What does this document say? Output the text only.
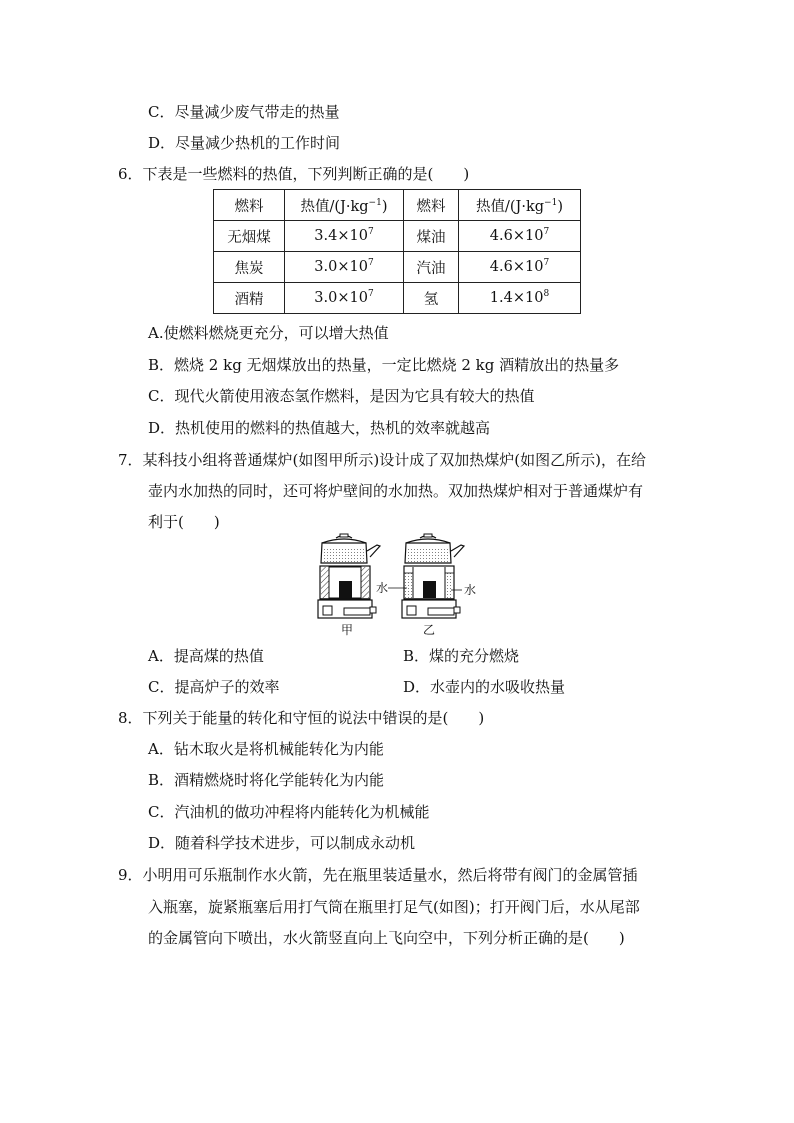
C．尽量减少废气带走的热量
D．尽量减少热机的工作时间
6．下表是一些燃料的热值，下列判断正确的是(　　)
燃料	热值$/(J\cdot kg^{-1})$	燃料	热值$/(J\cdot kg^{-1})$
无烟煤	$3.4\times 10^7$	煤油	$4.6\times 10^7$
焦炭	$3.0\times 10^7$	汽油	$4.6\times 10^7$
酒精	$3.0\times 10^7$	氢	$1.4\times 10^8$
A.使燃料燃烧更充分，可以增大热值
B．燃烧 2 kg 无烟煤放出的热量，一定比燃烧 2 kg 酒精放出的热量多
C．现代火箭使用液态氢作燃料，是因为它具有较大的热值
D．热机使用的燃料的热值越大，热机的效率就越高
7．某科技小组将普通煤炉(如图甲所示)设计成了双加热煤炉(如图乙所示)，在给
壶内水加热的同时，还可将炉壁间的水加热。双加热煤炉相对于普通煤炉有
利于(　　)
甲	乙
水	水
A．提高煤的热值	B．煤的充分燃烧
C．提高炉子的效率	D．水壶内的水吸收热量
8．下列关于能量的转化和守恒的说法中错误的是(　　)
A．钻木取火是将机械能转化为内能
B．酒精燃烧时将化学能转化为内能
C．汽油机的做功冲程将内能转化为机械能
D．随着科学技术进步，可以制成永动机
9．小明用可乐瓶制作水火箭，先在瓶里装适量水，然后将带有阀门的金属管插
入瓶塞，旋紧瓶塞后用打气筒在瓶里打足气(如图)；打开阀门后，水从尾部
的金属管向下喷出，水火箭竖直向上飞向空中，下列分析正确的是(　　)
